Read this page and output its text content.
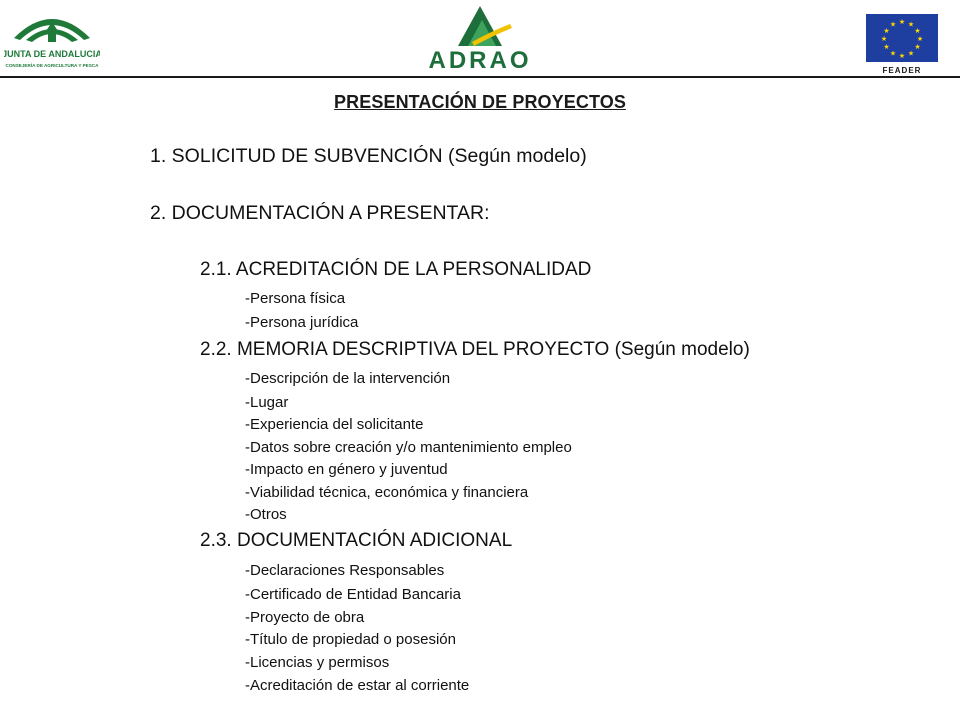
JUNTA DE ANDALUCIA
CONSEJERÍA DE AGRICULTURA Y PESCA	ADRAO
★ ★
★
★
★
★
★
★
★
★
★
★
FEADER
PRESENTACIÓN DE PROYECTOS
1. SOLICITUD DE SUBVENCIÓN (Según modelo)
2. DOCUMENTACIÓN A PRESENTAR:
2.1. ACREDITACIÓN DE LA PERSONALIDAD
-Persona física
-Persona jurídica
2.2. MEMORIA DESCRIPTIVA DEL PROYECTO (Según modelo)
-Descripción de la intervención
-Lugar
-Experiencia del solicitante
-Datos sobre creación y/o mantenimiento empleo
-Impacto en género y juventud
-Viabilidad técnica, económica y financiera
-Otros
2.3. DOCUMENTACIÓN ADICIONAL
-Declaraciones Responsables
-Certificado de Entidad Bancaria
-Proyecto de obra
-Título de propiedad o posesión
-Licencias y permisos
-Acreditación de estar al corriente
